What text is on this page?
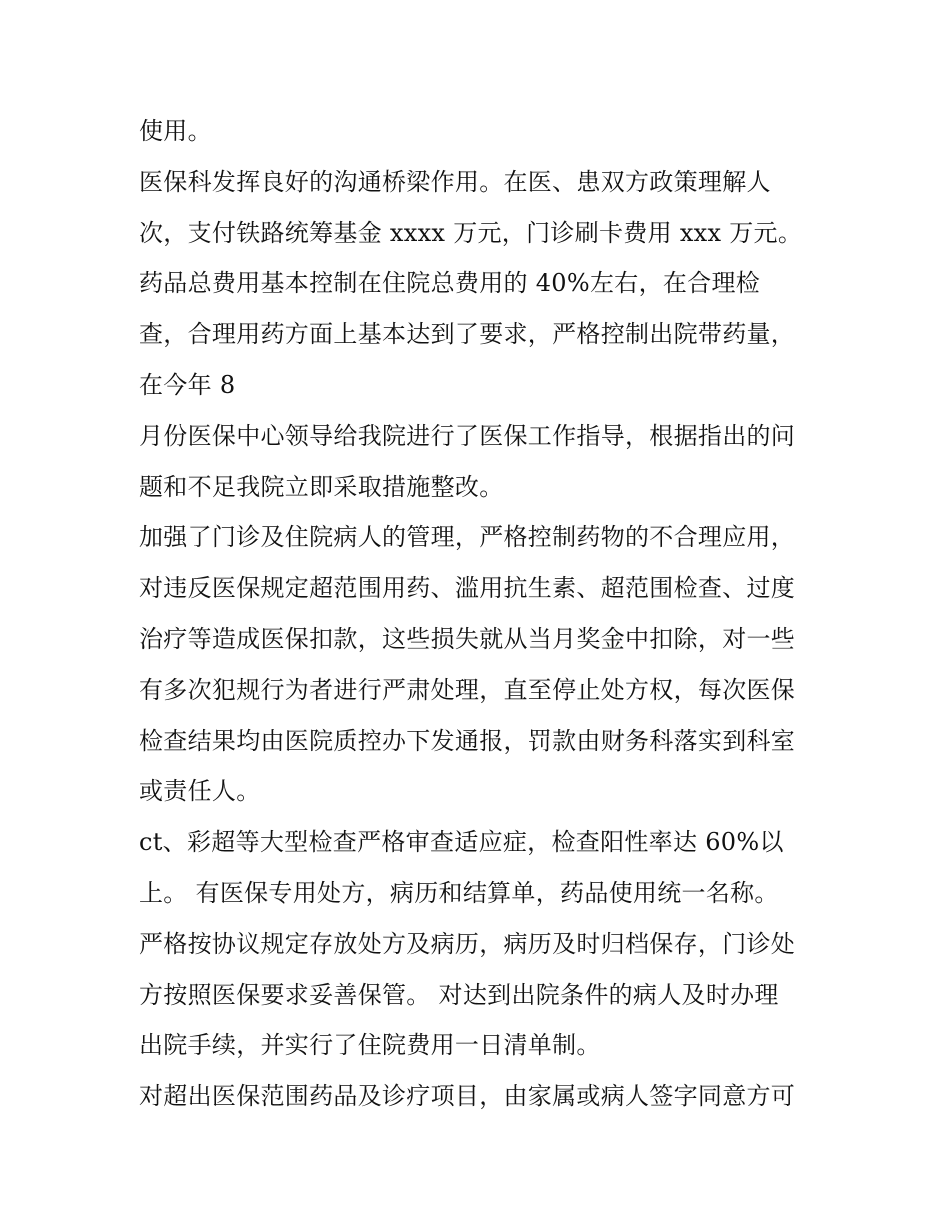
使用。
医保科发挥良好的沟通桥梁作用。在医、患双方政策理解人
次，支付铁路统筹基金 xxxx 万元，门诊刷卡费用 xxx 万元。
药品总费用基本控制在住院总费用的 40%左右，在合理检
查，合理用药方面上基本达到了要求，严格控制出院带药量，
在今年 8
月份医保中心领导给我院进行了医保工作指导，根据指出的问
题和不足我院立即采取措施整改。
加强了门诊及住院病人的管理，严格控制药物的不合理应用，
对违反医保规定超范围用药、滥用抗生素、超范围检查、过度
治疗等造成医保扣款，这些损失就从当月奖金中扣除，对一些
有多次犯规行为者进行严肃处理，直至停止处方权，每次医保
检查结果均由医院质控办下发通报，罚款由财务科落实到科室
或责任人。
ct、彩超等大型检查严格审查适应症，检查阳性率达 60%以
上。 有医保专用处方，病历和结算单，药品使用统一名称。
严格按协议规定存放处方及病历，病历及时归档保存，门诊处
方按照医保要求妥善保管。 对达到出院条件的病人及时办理
出院手续，并实行了住院费用一日清单制。
对超出医保范围药品及诊疗项目，由家属或病人签字同意方可
